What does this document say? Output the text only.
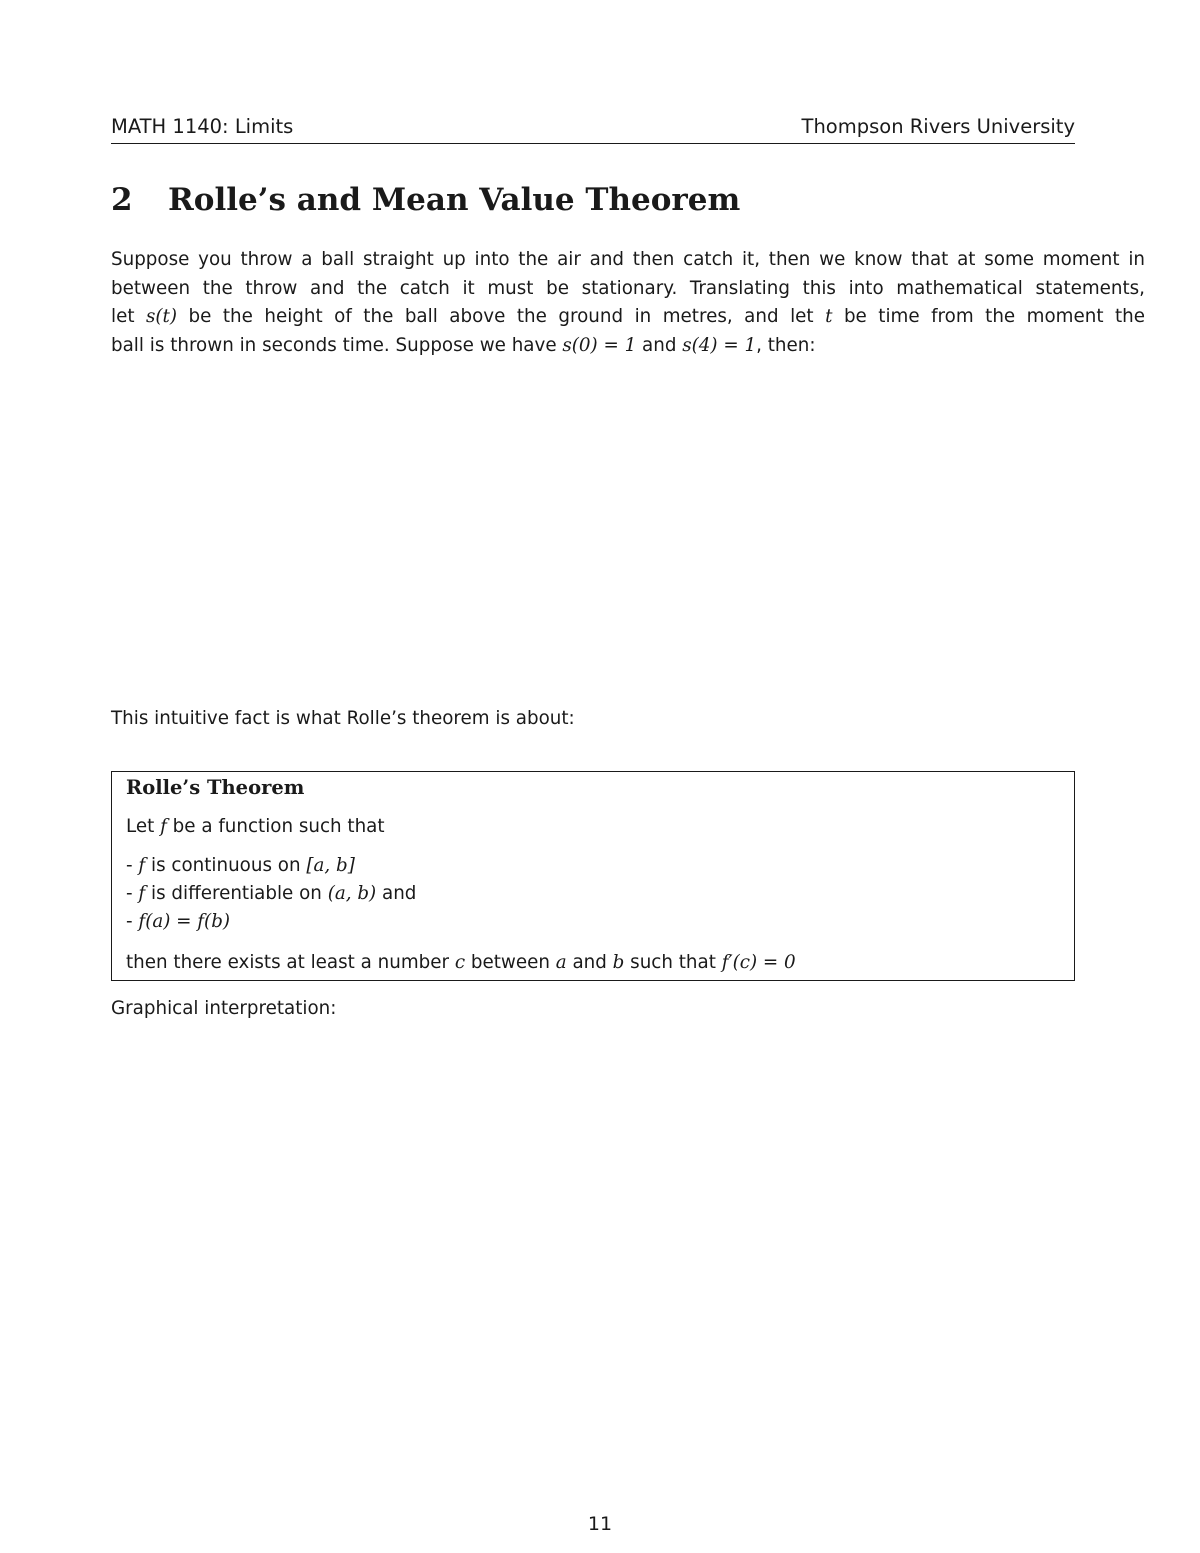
MATH 1140: Limits	Thompson Rivers University
2 Rolle’s and Mean Value Theorem
Suppose you throw a ball straight up into the air and then catch it, then we know that at some moment in
between the throw and the catch it must be stationary. Translating this into mathematical statements,
let s(t) be the height of the ball above the ground in metres, and let t be time from the moment the
ball is thrown in seconds time. Suppose we have s(0) = 1 and s(4) = 1, then:
This intuitive fact is what Rolle’s theorem is about:
Rolle’s Theorem
Let f be a function such that
- f is continuous on [a, b]
- f is differentiable on (a, b) and
- f(a) = f(b)
then there exists at least a number c between a and b such that f′(c) = 0
Graphical interpretation:
11
